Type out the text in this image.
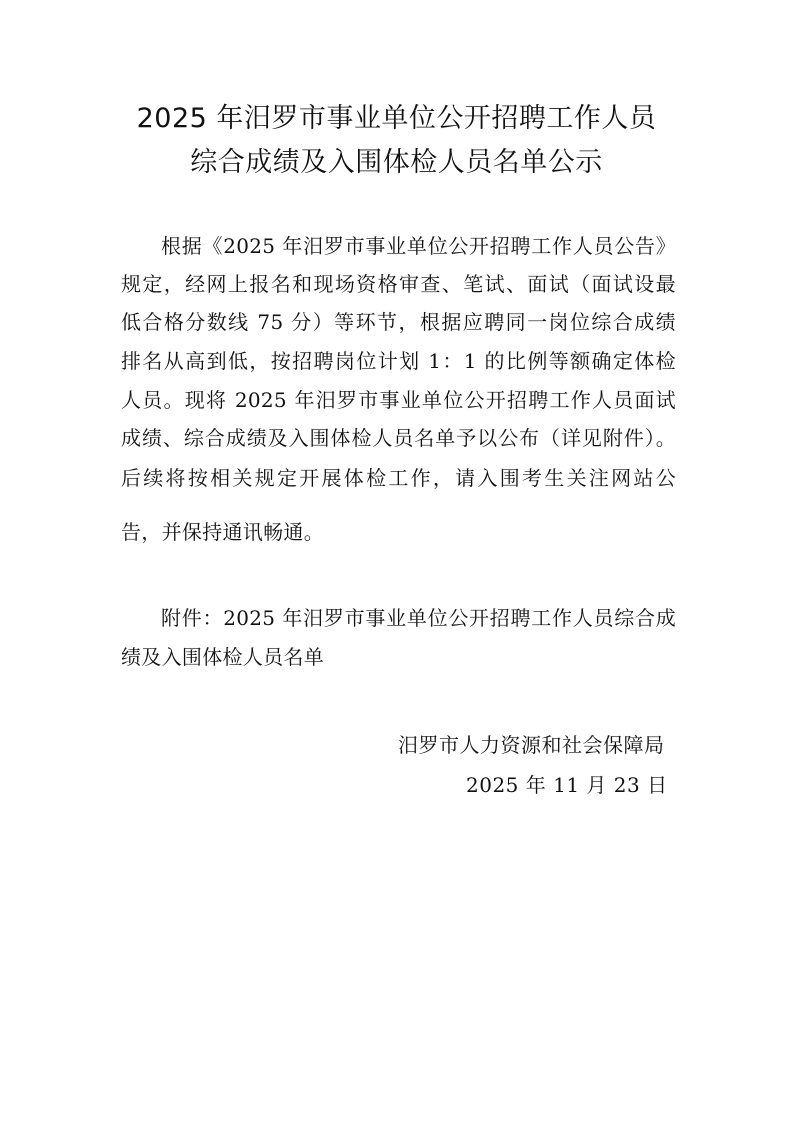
2025 年汨罗市事业单位公开招聘工作人员
综合成绩及入围体检人员名单公示
根据《2025 年汨罗市事业单位公开招聘工作人员公告》
规定，经网上报名和现场资格审查、笔试、面试（面试设最
低合格分数线 75 分）等环节，根据应聘同一岗位综合成绩
排名从高到低，按招聘岗位计划 1：1 的比例等额确定体检
人员。现将 2025 年汨罗市事业单位公开招聘工作人员面试
成绩、综合成绩及入围体检人员名单予以公布（详见附件）。
后续将按相关规定开展体检工作，请入围考生关注网站公
告，并保持通讯畅通。
附件：2025 年汨罗市事业单位公开招聘工作人员综合成
绩及入围体检人员名单
汨罗市人力资源和社会保障局
2025 年 11 月 23 日
